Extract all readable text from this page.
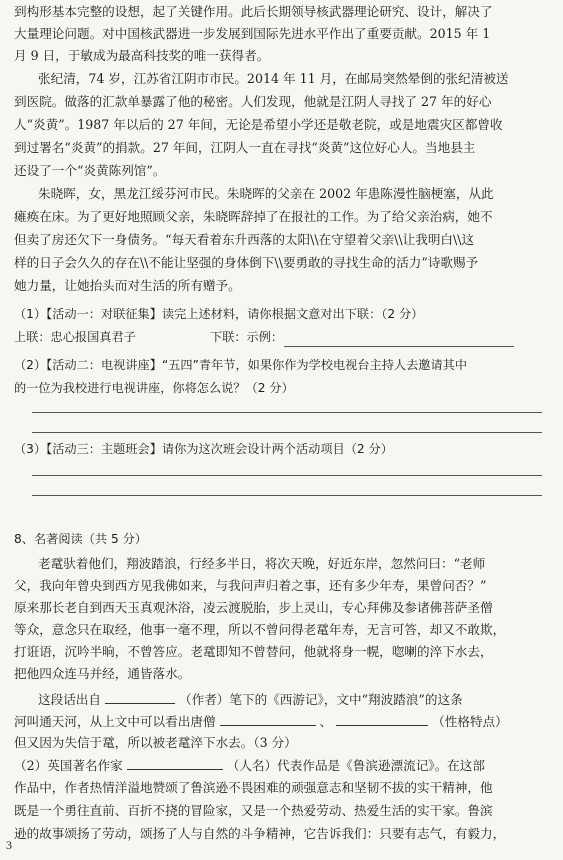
到构形基本完整的设想，起了关键作用。此后长期领导核武器理论研究、设计，解决了
大量理论问题。对中国核武器进一步发展到国际先进水平作出了重要贡献。2015 年 1
月 9 日，于敏成为最高科技奖的唯一获得者。
张纪清，74 岁，江苏省江阴市市民。2014 年 11 月，在邮局突然晕倒的张纪清被送
到医院。做落的汇款单暴露了他的秘密。人们发现，他就是江阴人寻找了 27 年的好心
人“炎黄”。1987 年以后的 27 年间，无论是希望小学还是敬老院，或是地震灾区都曾收
到过署名“炎黄”的捐款。27 年间，江阴人一直在寻找“炎黄”这位好心人。当地县主
还设了一个“炎黄陈列馆”。
朱晓晖，女，黑龙江绥芬河市民。朱晓晖的父亲在 2002 年患陈漫性脑梗塞，从此
瘫痪在床。为了更好地照顾父亲，朱晓晖辞掉了在报社的工作。为了给父亲治病，她不
但卖了房还欠下一身债务。“每天看着东升西落的太阳\\在守望着父亲\\让我明白\\这
样的日子会久久的存在\\不能让坚强的身体倒下\\要勇敢的寻找生命的活力”诗歌赐予
她力量，让她抬头而对生活的所有赠予。
（1）【活动一：对联征集】读完上述材料，请你根据文意对出下联：（2 分）
上联：忠心报国真君子	下联：示例：
（2）【活动二：电视讲座】“五四”青年节，如果你作为学校电视台主持人去邀请其中
的一位为我校进行电视讲座，你将怎么说？（2 分）
（3）【活动三：主题班会】请你为这次班会设计两个活动项目（2 分）
8、名著阅读（共 5 分）
老鼋驮着他们，翔波踏浪，行经多半日，将次天晚，好近东岸，忽然问曰：“老师
父，我向年曾央到西方见我佛如来，与我问声归着之事，还有多少年寿，果曾问否？”
原来那长老自到西天玉真观沐浴，凌云渡脱胎，步上灵山，专心拜佛及参诸佛菩萨圣僧
等众，意念只在取经，他事一毫不理，所以不曾问得老鼋年寿，无言可答，却又不敢欺，
打诳语，沉吟半晌，不曾答应。老鼋即知不曾替问，他就将身一幌，唿喇的淬下水去，
把他四众连马并经，通皆落水。
这段话出自	（作者）笔下的《西游记》，文中“翔波踏浪”的这条
河叫通天河，从上文中可以看出唐僧	、	（性格特点）
但又因为失信于鼋，所以被老鼋淬下水去。（3 分）
（2）英国著名作家	（人名）代表作品是《鲁滨逊漂流记》。在这部
作品中，作者热情洋溢地赞颂了鲁滨逊不畏困难的顽强意志和坚韧不拔的实干精神，他
既是一个勇往直前、百折不挠的冒险家，又是一个热爱劳动、热爱生活的实干家。鲁滨
逊的故事颂扬了劳动，颂扬了人与自然的斗争精神，它告诉我们：只要有志气，有毅力，
3
